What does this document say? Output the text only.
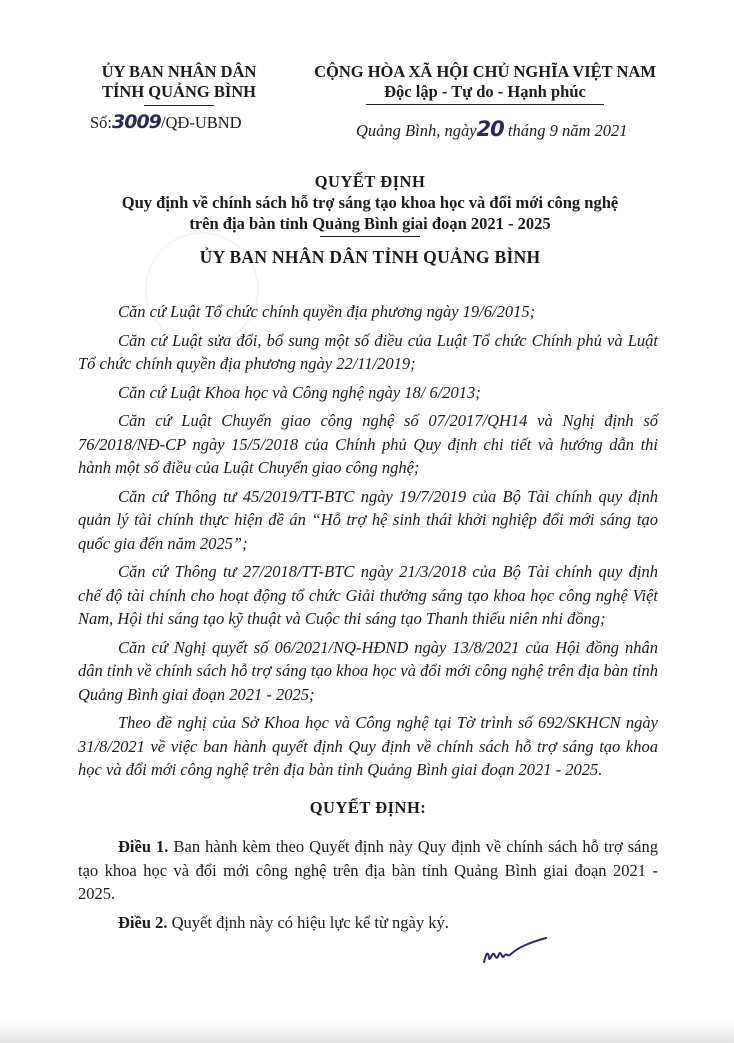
ỦY BAN NHÂN DÂN
TỈNH QUẢNG BÌNH
Số:3009/QĐ-UBND
CỘNG HÒA XÃ HỘI CHỦ NGHĨA VIỆT NAM
Độc lập - Tự do - Hạnh phúc
Quảng Bình, ngày20 tháng 9 năm 2021
QUYẾT ĐỊNH
Quy định về chính sách hỗ trợ sáng tạo khoa học và đổi mới công nghệ
trên địa bàn tỉnh Quảng Bình giai đoạn 2021 - 2025
ỦY BAN NHÂN DÂN TỈNH QUẢNG BÌNH

Căn cứ Luật Tổ chức chính quyền địa phương ngày 19/6/2015;

Căn cứ Luật sửa đổi, bổ sung một số điều của Luật Tổ chức Chính phủ và Luật Tổ chức chính quyền địa phương ngày 22/11/2019;

Căn cứ Luật Khoa học và Công nghệ ngày 18/ 6/2013;

Căn cứ Luật Chuyển giao công nghệ số 07/2017/QH14 và Nghị định số 76/2018/NĐ-CP ngày 15/5/2018 của Chính phủ Quy định chi tiết và hướng dẫn thi hành một số điều của Luật Chuyển giao công nghệ;

Căn cứ Thông tư 45/2019/TT-BTC ngày 19/7/2019 của Bộ Tài chính quy định quản lý tài chính thực hiện đề án “Hỗ trợ hệ sinh thái khởi nghiệp đổi mới sáng tạo quốc gia đến năm 2025”;

Căn cứ Thông tư 27/2018/TT-BTC ngày 21/3/2018 của Bộ Tài chính quy định chế độ tài chính cho hoạt động tổ chức Giải thưởng sáng tạo khoa học công nghệ Việt Nam, Hội thi sáng tạo kỹ thuật và Cuộc thi sáng tạo Thanh thiếu niên nhi đồng;

Căn cứ Nghị quyết số 06/2021/NQ-HĐND ngày 13/8/2021 của Hội đồng nhân dân tỉnh về chính sách hỗ trợ sáng tạo khoa học và đổi mới công nghệ trên địa bàn tỉnh Quảng Bình giai đoạn 2021 - 2025;

Theo đề nghị của Sở Khoa học và Công nghệ tại Tờ trình số 692/SKHCN ngày 31/8/2021 về việc ban hành quyết định Quy định về chính sách hỗ trợ sáng tạo khoa học và đổi mới công nghệ trên địa bàn tỉnh Quảng Bình giai đoạn 2021 - 2025.

QUYẾT ĐỊNH:

Điều 1. Ban hành kèm theo Quyết định này Quy định về chính sách hỗ trợ sáng tạo khoa học và đổi mới công nghệ trên địa bàn tỉnh Quảng Bình giai đoạn 2021 - 2025.

Điều 2. Quyết định này có hiệu lực kể từ ngày ký.
